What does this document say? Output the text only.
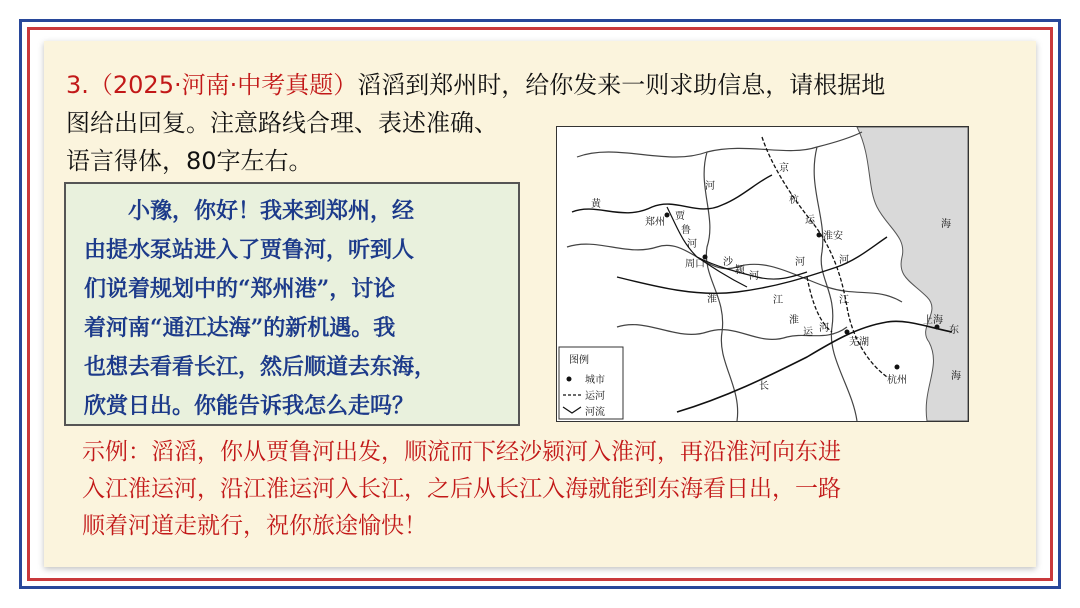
3.（2025·河南·中考真题）滔滔到郑州时，给你发来一则求助信息，请根据地
图给出回复。注意路线合理、表述准确、
语言得体，80字左右。
　　小豫，你好！我来到郑州，经
由提水泵站进入了贾鲁河，听到人
们说着规划中的“郑州港”，讨论
着河南“通江达海”的新机遇。我
也想去看看长江，然后顺道去东海，
欣赏日出。你能告诉我怎么走吗？
图例
城市
运河
河流
黄
河
郑州
贾
鲁
河
周口 沙
颍
河
淮
河
京
杭
运
淮安
河
江	江
淮
运 河
芜湖
上海
杭州
长
东
海
海
示例：滔滔，你从贾鲁河出发，顺流而下经沙颍河入淮河，再沿淮河向东进
入江淮运河，沿江淮运河入长江，之后从长江入海就能到东海看日出，一路
顺着河道走就行，祝你旅途愉快！
